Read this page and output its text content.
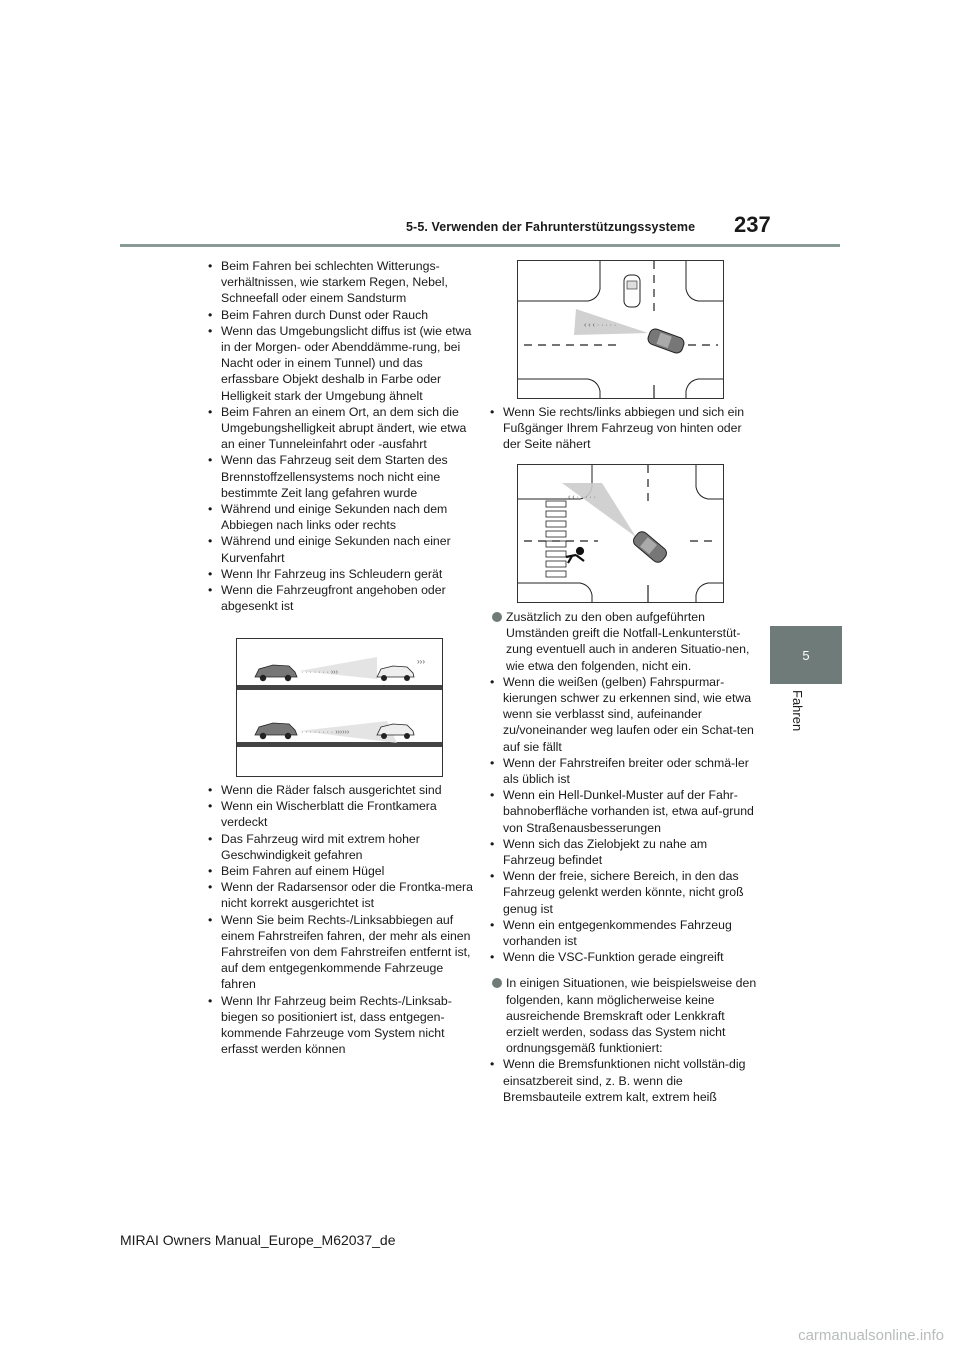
5-5. Verwenden der Fahrunterstützungssysteme 237
5
Fahren
• Beim Fahren bei schlechten Witterungs-verhältnissen, wie starkem Regen, Nebel, Schneefall oder einem Sandsturm
• Beim Fahren durch Dunst oder Rauch
• Wenn das Umgebungslicht diffus ist (wie etwa in der Morgen- oder Abenddämme-rung, bei Nacht oder in einem Tunnel) und das erfassbare Objekt deshalb in Farbe oder Helligkeit stark der Umgebung ähnelt
• Beim Fahren an einem Ort, an dem sich die Umgebungshelligkeit abrupt ändert, wie etwa an einer Tunneleinfahrt oder -ausfahrt
• Wenn das Fahrzeug seit dem Starten des Brennstoffzellensystems noch nicht eine bestimmte Zeit lang gefahren wurde
• Während und einige Sekunden nach dem Abbiegen nach links oder rechts
• Während und einige Sekunden nach einer Kurvenfahrt
• Wenn Ihr Fahrzeug ins Schleudern gerät
• Wenn die Fahrzeugfront angehoben oder abgesenkt ist
· · · · · · · ›››
›››
· · · · · · · · ››››››
• Wenn die Räder falsch ausgerichtet sind
• Wenn ein Wischerblatt die Frontkamera verdeckt
• Das Fahrzeug wird mit extrem hoher Geschwindigkeit gefahren
• Beim Fahren auf einem Hügel
• Wenn der Radarsensor oder die Frontka-mera nicht korrekt ausgerichtet ist
• Wenn Sie beim Rechts-/Linksabbiegen auf einem Fahrstreifen fahren, der mehr als einen Fahrstreifen von dem Fahrstreifen entfernt ist, auf dem entgegenkommende Fahrzeuge fahren
• Wenn Ihr Fahrzeug beim Rechts-/Linksab-biegen so positioniert ist, dass entgegen-kommende Fahrzeuge vom System nicht erfasst werden können
‹ ‹ ‹ · · · · ·
• Wenn Sie rechts/links abbiegen und sich ein Fußgänger Ihrem Fahrzeug von hinten oder der Seite nähert
‹ ‹ · · · · ·
Zusätzlich zu den oben aufgeführten Umständen greift die Notfall-Lenkunterstüt-zung eventuell auch in anderen Situatio-nen, wie etwa den folgenden, nicht ein.
• Wenn die weißen (gelben) Fahrspurmar-kierungen schwer zu erkennen sind, wie etwa wenn sie verblasst sind, aufeinander zu/voneinander weg laufen oder ein Schat-ten auf sie fällt
• Wenn der Fahrstreifen breiter oder schmä-ler als üblich ist
• Wenn ein Hell-Dunkel-Muster auf der Fahr-bahnoberfläche vorhanden ist, etwa auf-grund von Straßenausbesserungen
• Wenn sich das Zielobjekt zu nahe am Fahrzeug befindet
• Wenn der freie, sichere Bereich, in den das Fahrzeug gelenkt werden könnte, nicht groß genug ist
• Wenn ein entgegenkommendes Fahrzeug vorhanden ist
• Wenn die VSC-Funktion gerade eingreift
In einigen Situationen, wie beispielsweise den folgenden, kann möglicherweise keine ausreichende Bremskraft oder Lenkkraft erzielt werden, sodass das System nicht ordnungsgemäß funktioniert:
• Wenn die Bremsfunktionen nicht vollstän-dig einsatzbereit sind, z. B. wenn die Bremsbauteile extrem kalt, extrem heiß
MIRAI Owners Manual_Europe_M62037_de
carmanualsonline.info
